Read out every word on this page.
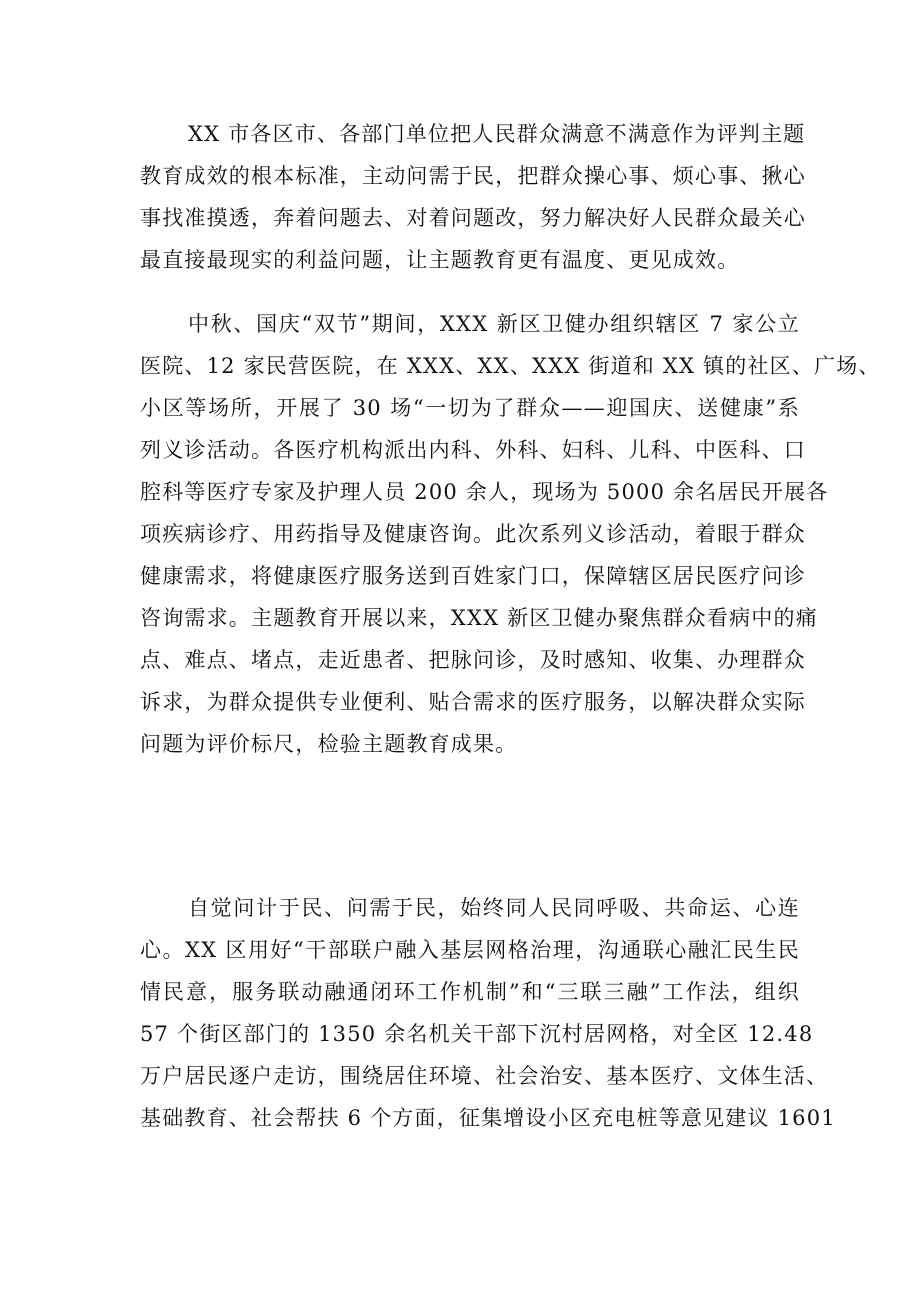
XX 市各区市、各部门单位把人民群众满意不满意作为评判主题
教育成效的根本标准，主动问需于民，把群众操心事、烦心事、揪心
事找准摸透，奔着问题去、对着问题改，努力解决好人民群众最关心
最直接最现实的利益问题，让主题教育更有温度、更见成效。
中秋、国庆“双节”期间，XXX 新区卫健办组织辖区 7 家公立
医院、12 家民营医院，在 XXX、XX、XXX 街道和 XX 镇的社区、广场、
小区等场所，开展了 30 场“一切为了群众——迎国庆、送健康”系
列义诊活动。各医疗机构派出内科、外科、妇科、儿科、中医科、口
腔科等医疗专家及护理人员 200 余人，现场为 5000 余名居民开展各
项疾病诊疗、用药指导及健康咨询。此次系列义诊活动，着眼于群众
健康需求，将健康医疗服务送到百姓家门口，保障辖区居民医疗问诊
咨询需求。主题教育开展以来，XXX 新区卫健办聚焦群众看病中的痛
点、难点、堵点，走近患者、把脉问诊，及时感知、收集、办理群众
诉求，为群众提供专业便利、贴合需求的医疗服务，以解决群众实际
问题为评价标尺，检验主题教育成果。
自觉问计于民、问需于民，始终同人民同呼吸、共命运、心连
心。XX 区用好“干部联户融入基层网格治理，沟通联心融汇民生民
情民意，服务联动融通闭环工作机制”和“三联三融”工作法，组织
57 个街区部门的 1350 余名机关干部下沉村居网格，对全区 12.48
万户居民逐户走访，围绕居住环境、社会治安、基本医疗、文体生活、
基础教育、社会帮扶 6 个方面，征集增设小区充电桩等意见建议 1601
